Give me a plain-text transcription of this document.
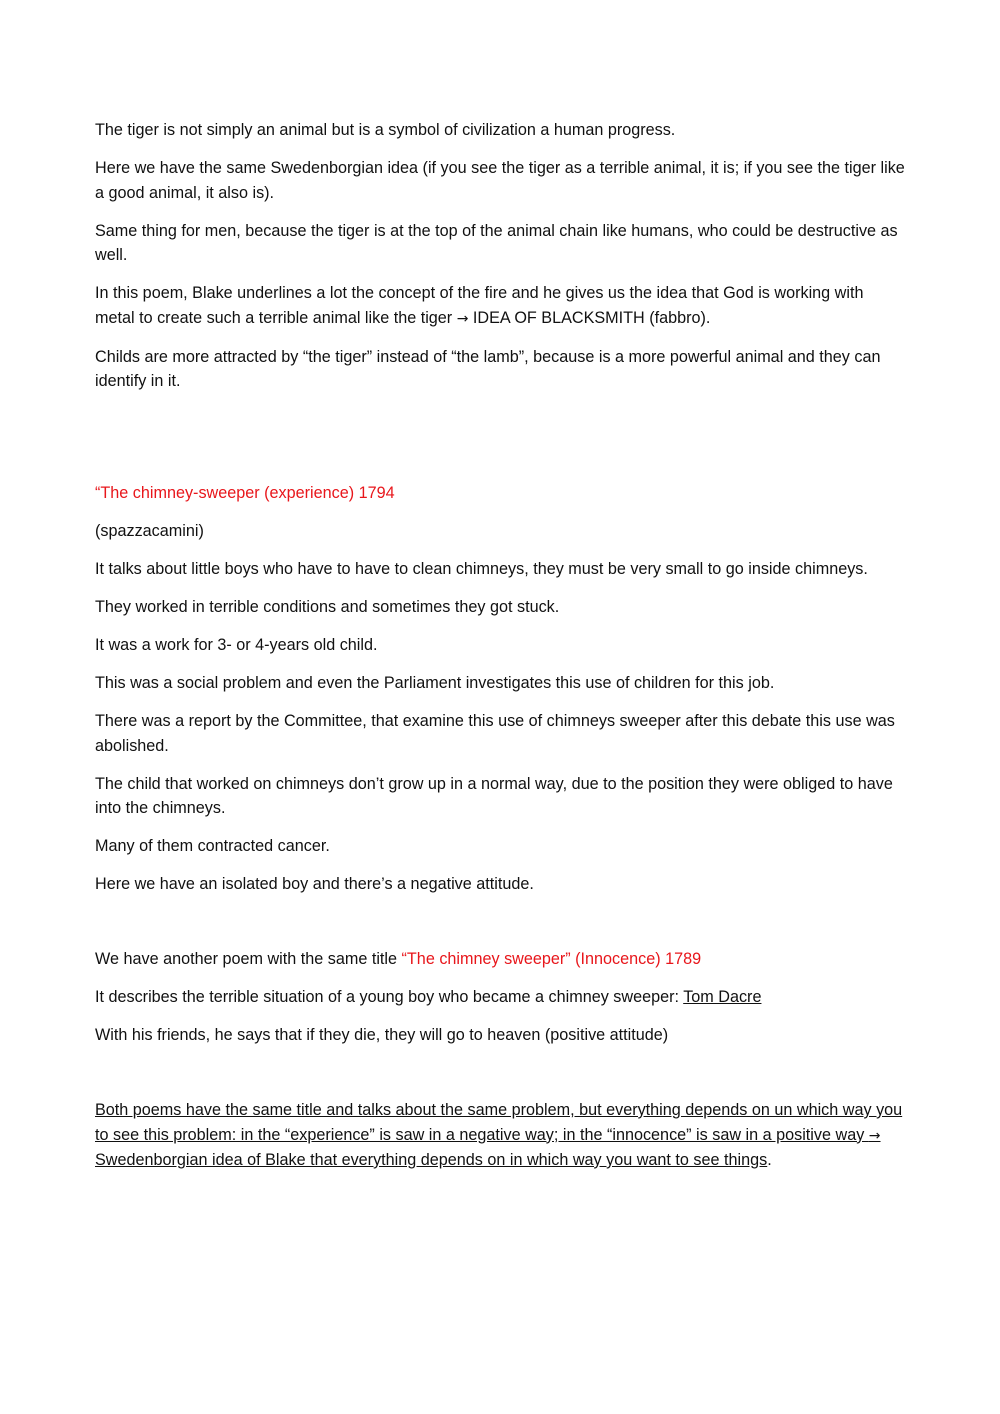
The tiger is not simply an animal but is a symbol of civilization a human progress.

Here we have the same Swedenborgian idea (if you see the tiger as a terrible animal, it is; if you see the tiger like a good animal, it also is).

Same thing for men, because the tiger is at the top of the animal chain like humans, who could be destructive as well.

In this poem, Blake underlines a lot the concept of the fire and he gives us the idea that God is working with metal to create such a terrible animal like the tiger → IDEA OF BLACKSMITH (fabbro).

Childs are more attracted by “the tiger” instead of “the lamb”, because is a more powerful animal and they can identify in it.

“The chimney-sweeper (experience) 1794

(spazzacamini)

It talks about little boys who have to have to clean chimneys, they must be very small to go inside chimneys.

They worked in terrible conditions and sometimes they got stuck.

It was a work for 3- or 4-years old child.

This was a social problem and even the Parliament investigates this use of children for this job.

There was a report by the Committee, that examine this use of chimneys sweeper after this debate this use was abolished.

The child that worked on chimneys don’t grow up in a normal way, due to the position they were obliged to have into the chimneys.

Many of them contracted cancer.

Here we have an isolated boy and there’s a negative attitude.

We have another poem with the same title “The chimney sweeper” (Innocence) 1789

It describes the terrible situation of a young boy who became a chimney sweeper: Tom Dacre

With his friends, he says that if they die, they will go to heaven (positive attitude)

Both poems have the same title and talks about the same problem, but everything depends on un which way you to see this problem: in the “experience” is saw in a negative way; in the “innocence” is saw in a positive way → Swedenborgian idea of Blake that everything depends on in which way you want to see things.
